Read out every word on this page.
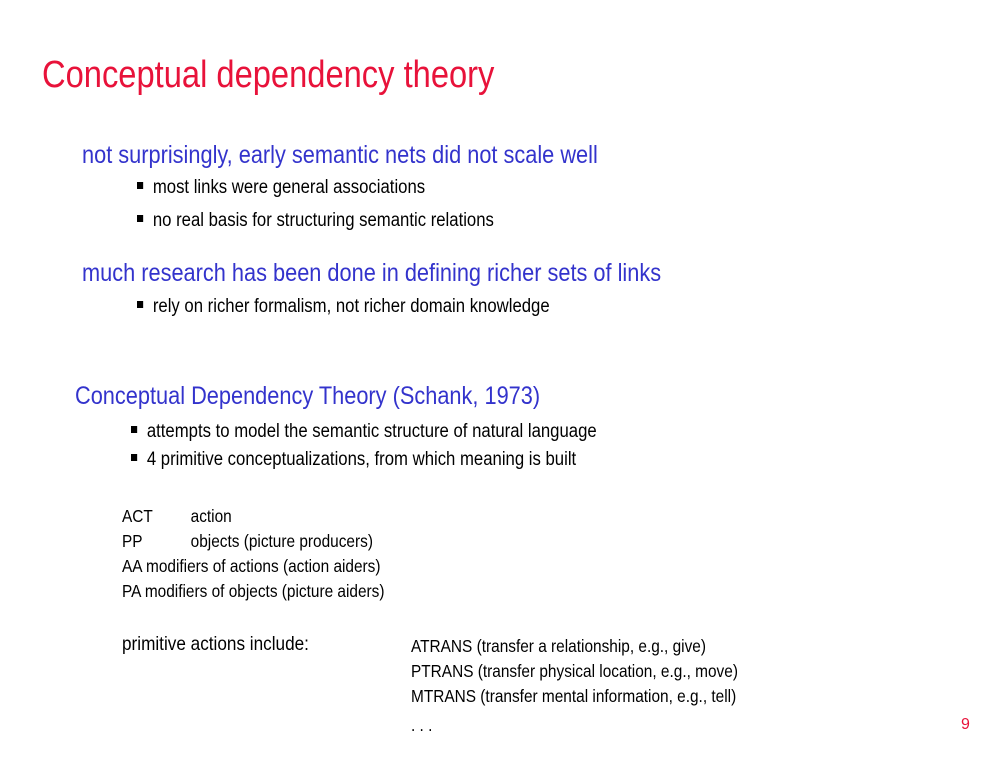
Conceptual dependency theory
not surprisingly, early semantic nets did not scale well
most links were general associations
no real basis for structuring semantic relations
much research has been done in defining richer sets of links
rely on richer formalism, not richer domain knowledge
Conceptual Dependency Theory (Schank, 1973)
attempts to model the semantic structure of natural language
4 primitive conceptualizations, from which meaning is built
ACT action
PP	objects (picture producers)
AA modifiers of actions (action aiders)
PA modifiers of objects (picture aiders)
primitive actions include:	ATRANS (transfer a relationship, e.g., give)
PTRANS (transfer physical location, e.g., move)
MTRANS (transfer mental information, e.g., tell)
. . .	9
